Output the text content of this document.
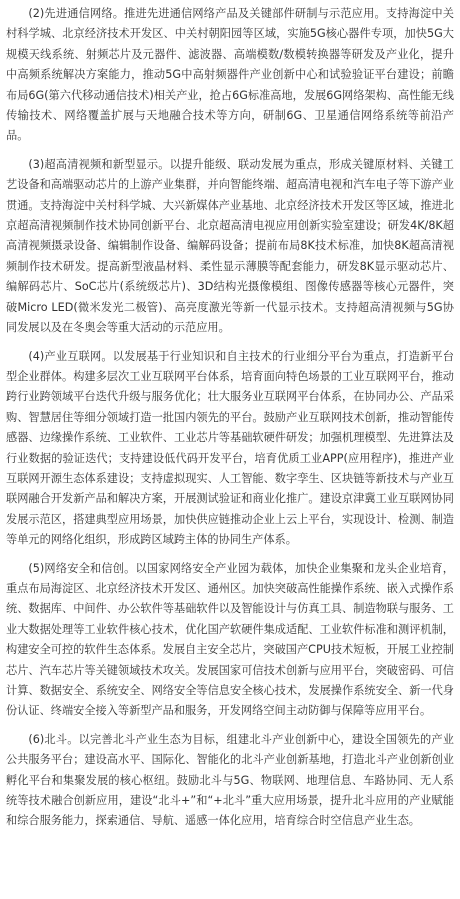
(2)先进通信网络。推进先进通信网络产品及关键部件研制与示范应用。支持海淀中关村科学城、北京经济技术开发区、中关村朝阳园等区域，实施5G核心器件专项，加快5G大规模天线系统、射频芯片及元器件、滤波器、高端模数/数模转换器等研发及产业化，提升中高频系统解决方案能力，推动5G中高射频器件产业创新中心和试验验证平台建设；前瞻布局6G(第六代移动通信技术)相关产业，抢占6G标准高地，发展6G网络架构、高性能无线传输技术、网络覆盖扩展与天地融合技术等方向，研制6G、卫星通信网络系统等前沿产品。

(3)超高清视频和新型显示。以提升能级、联动发展为重点，形成关键原材料、关键工艺设备和高端驱动芯片的上游产业集群，并向智能终端、超高清电视和汽车电子等下游产业贯通。支持海淀中关村科学城、大兴新媒体产业基地、北京经济技术开发区等区域，推进北京超高清视频制作技术协同创新平台、北京超高清电视应用创新实验室建设；研发4K/8K超高清视频摄录设备、编辑制作设备、编解码设备；提前布局8K技术标准，加快8K超高清视频制作技术研发。提高新型液晶材料、柔性显示薄膜等配套能力，研发8K显示驱动芯片、编解码芯片、SoC芯片(系统级芯片)、3D结构光摄像模组、图像传感器等核心元器件，突破Micro LED(微米发光二极管)、高亮度激光等新一代显示技术。支持超高清视频与5G协同发展以及在冬奥会等重大活动的示范应用。

(4)产业互联网。以发展基于行业知识和自主技术的行业细分平台为重点，打造新平台型企业群体。构建多层次工业互联网平台体系，培育面向特色场景的工业互联网平台，推动跨行业跨领域平台迭代升级与服务优化；壮大服务业互联网平台体系，在协同办公、产品采购、智慧居住等细分领域打造一批国内领先的平台。鼓励产业互联网技术创新，推动智能传感器、边缘操作系统、工业软件、工业芯片等基础软硬件研发；加强机理模型、先进算法及行业数据的验证迭代；支持建设低代码开发平台，培育优质工业APP(应用程序)，推进产业互联网开源生态体系建设；支持虚拟现实、人工智能、数字孪生、区块链等新技术与产业互联网融合开发新产品和解决方案，开展测试验证和商业化推广。建设京津冀工业互联网协同发展示范区，搭建典型应用场景，加快供应链推动企业上云上平台，实现设计、检测、制造等单元的网络化组织，形成跨区域跨主体的协同生产体系。

(5)网络安全和信创。以国家网络安全产业园为载体，加快企业集聚和龙头企业培育，重点布局海淀区、北京经济技术开发区、通州区。加快突破高性能操作系统、嵌入式操作系统、数据库、中间件、办公软件等基础软件以及智能设计与仿真工具、制造物联与服务、工业大数据处理等工业软件核心技术，优化国产软硬件集成适配、工业软件标准和测评机制，构建安全可控的软件生态体系。发展自主安全芯片，突破国产CPU技术短板，开展工业控制芯片、汽车芯片等关键领域技术攻关。发展国家可信技术创新与应用平台，突破密码、可信计算、数据安全、系统安全、网络安全等信息安全核心技术，发展操作系统安全、新一代身份认证、终端安全接入等新型产品和服务，开发网络空间主动防御与保障等应用平台。

(6)北斗。以完善北斗产业生态为目标，组建北斗产业创新中心，建设全国领先的产业公共服务平台；建设高水平、国际化、智能化的北斗产业创新基地，打造北斗产业创新创业孵化平台和集聚发展的核心枢纽。鼓励北斗与5G、物联网、地理信息、车路协同、无人系统等技术融合创新应用，建设“北斗+”和“+北斗”重大应用场景，提升北斗应用的产业赋能和综合服务能力，探索通信、导航、遥感一体化应用，培育综合时空信息产业生态。
